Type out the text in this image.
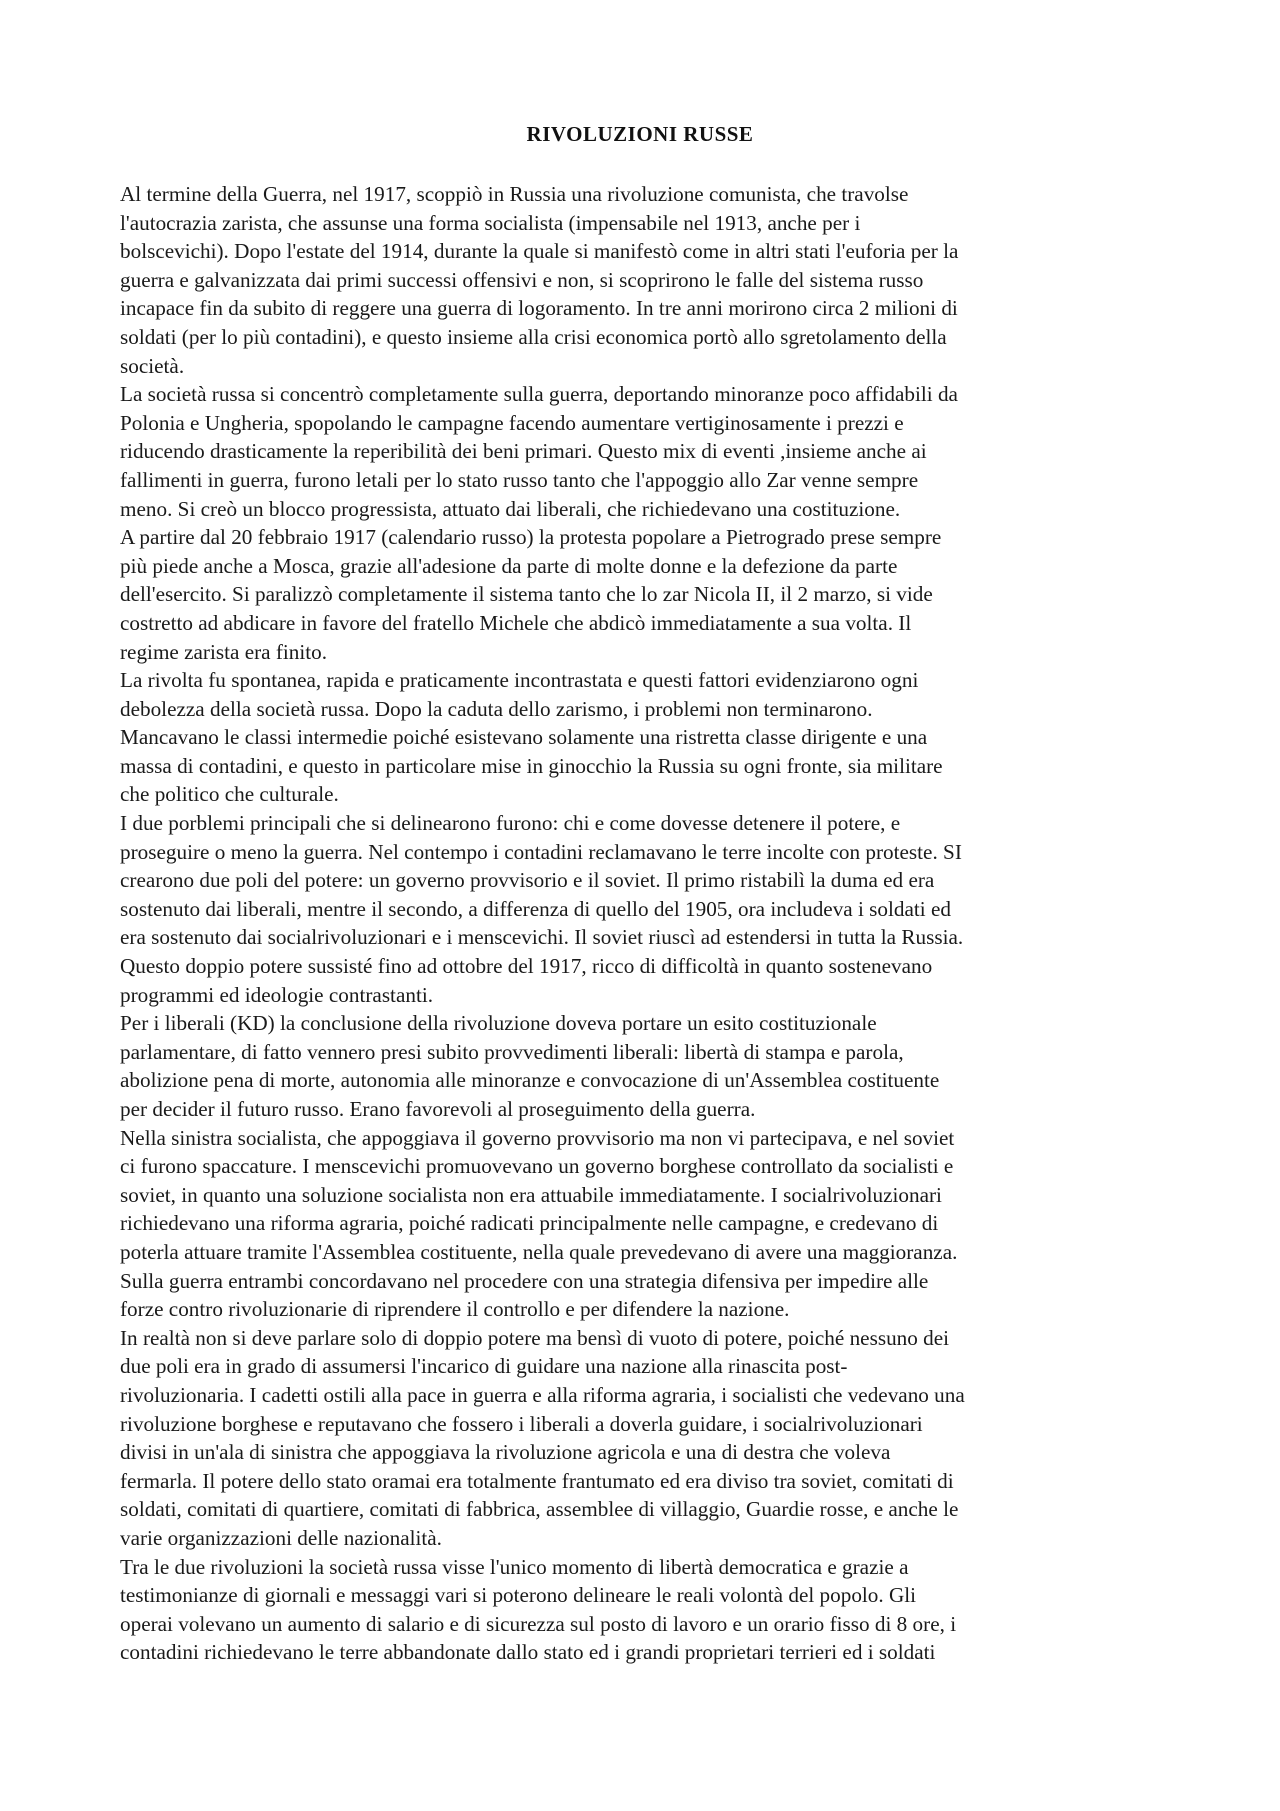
RIVOLUZIONI RUSSE
Al termine della Guerra, nel 1917, scoppiò in Russia una rivoluzione comunista, che travolse
l'autocrazia zarista, che assunse una forma socialista (impensabile nel 1913, anche per i
bolscevichi). Dopo l'estate del 1914, durante la quale si manifestò come in altri stati l'euforia per la
guerra e galvanizzata dai primi successi offensivi e non, si scoprirono le falle del sistema russo
incapace fin da subito di reggere una guerra di logoramento. In tre anni morirono circa 2 milioni di
soldati (per lo più contadini), e questo insieme alla crisi economica portò allo sgretolamento della
società.
La società russa si concentrò completamente sulla guerra, deportando minoranze poco affidabili da
Polonia e Ungheria, spopolando le campagne facendo aumentare vertiginosamente i prezzi e
riducendo drasticamente la reperibilità dei beni primari. Questo mix di eventi ,insieme anche ai
fallimenti in guerra, furono letali per lo stato russo tanto che l'appoggio allo Zar venne sempre
meno. Si creò un blocco progressista, attuato dai liberali, che richiedevano una costituzione.
A partire dal 20 febbraio 1917 (calendario russo) la protesta popolare a Pietrogrado prese sempre
più piede anche a Mosca, grazie all'adesione da parte di molte donne e la defezione da parte
dell'esercito. Si paralizzò completamente il sistema tanto che lo zar Nicola II, il 2 marzo, si vide
costretto ad abdicare in favore del fratello Michele che abdicò immediatamente a sua volta. Il
regime zarista era finito.
La rivolta fu spontanea, rapida e praticamente incontrastata e questi fattori evidenziarono ogni
debolezza della società russa. Dopo la caduta dello zarismo, i problemi non terminarono.
Mancavano le classi intermedie poiché esistevano solamente una ristretta classe dirigente e una
massa di contadini, e questo in particolare mise in ginocchio la Russia su ogni fronte, sia militare
che politico che culturale.
I due porblemi principali che si delinearono furono: chi e come dovesse detenere il potere, e
proseguire o meno la guerra. Nel contempo i contadini reclamavano le terre incolte con proteste. SI
crearono due poli del potere: un governo provvisorio e il soviet. Il primo ristabilì la duma ed era
sostenuto dai liberali, mentre il secondo, a differenza di quello del 1905, ora includeva i soldati ed
era sostenuto dai socialrivoluzionari e i menscevichi. Il soviet riuscì ad estendersi in tutta la Russia.
Questo doppio potere sussisté fino ad ottobre del 1917, ricco di difficoltà in quanto sostenevano
programmi ed ideologie contrastanti.
Per i liberali (KD) la conclusione della rivoluzione doveva portare un esito costituzionale
parlamentare, di fatto vennero presi subito provvedimenti liberali: libertà di stampa e parola,
abolizione pena di morte, autonomia alle minoranze e convocazione di un'Assemblea costituente
per decider il futuro russo. Erano favorevoli al proseguimento della guerra.
Nella sinistra socialista, che appoggiava il governo provvisorio ma non vi partecipava, e nel soviet
ci furono spaccature. I menscevichi promuovevano un governo borghese controllato da socialisti e
soviet, in quanto una soluzione socialista non era attuabile immediatamente. I socialrivoluzionari
richiedevano una riforma agraria, poiché radicati principalmente nelle campagne, e credevano di
poterla attuare tramite l'Assemblea costituente, nella quale prevedevano di avere una maggioranza.
Sulla guerra entrambi concordavano nel procedere con una strategia difensiva per impedire alle
forze contro rivoluzionarie di riprendere il controllo e per difendere la nazione.
In realtà non si deve parlare solo di doppio potere ma bensì di vuoto di potere, poiché nessuno dei
due poli era in grado di assumersi l'incarico di guidare una nazione alla rinascita post-
rivoluzionaria. I cadetti ostili alla pace in guerra e alla riforma agraria, i socialisti che vedevano una
rivoluzione borghese e reputavano che fossero i liberali a doverla guidare, i socialrivoluzionari
divisi in un'ala di sinistra che appoggiava la rivoluzione agricola e una di destra che voleva
fermarla. Il potere dello stato oramai era totalmente frantumato ed era diviso tra soviet, comitati di
soldati, comitati di quartiere, comitati di fabbrica, assemblee di villaggio, Guardie rosse, e anche le
varie organizzazioni delle nazionalità.
Tra le due rivoluzioni la società russa visse l'unico momento di libertà democratica e grazie a
testimonianze di giornali e messaggi vari si poterono delineare le reali volontà del popolo. Gli
operai volevano un aumento di salario e di sicurezza sul posto di lavoro e un orario fisso di 8 ore, i
contadini richiedevano le terre abbandonate dallo stato ed i grandi proprietari terrieri ed i soldati
